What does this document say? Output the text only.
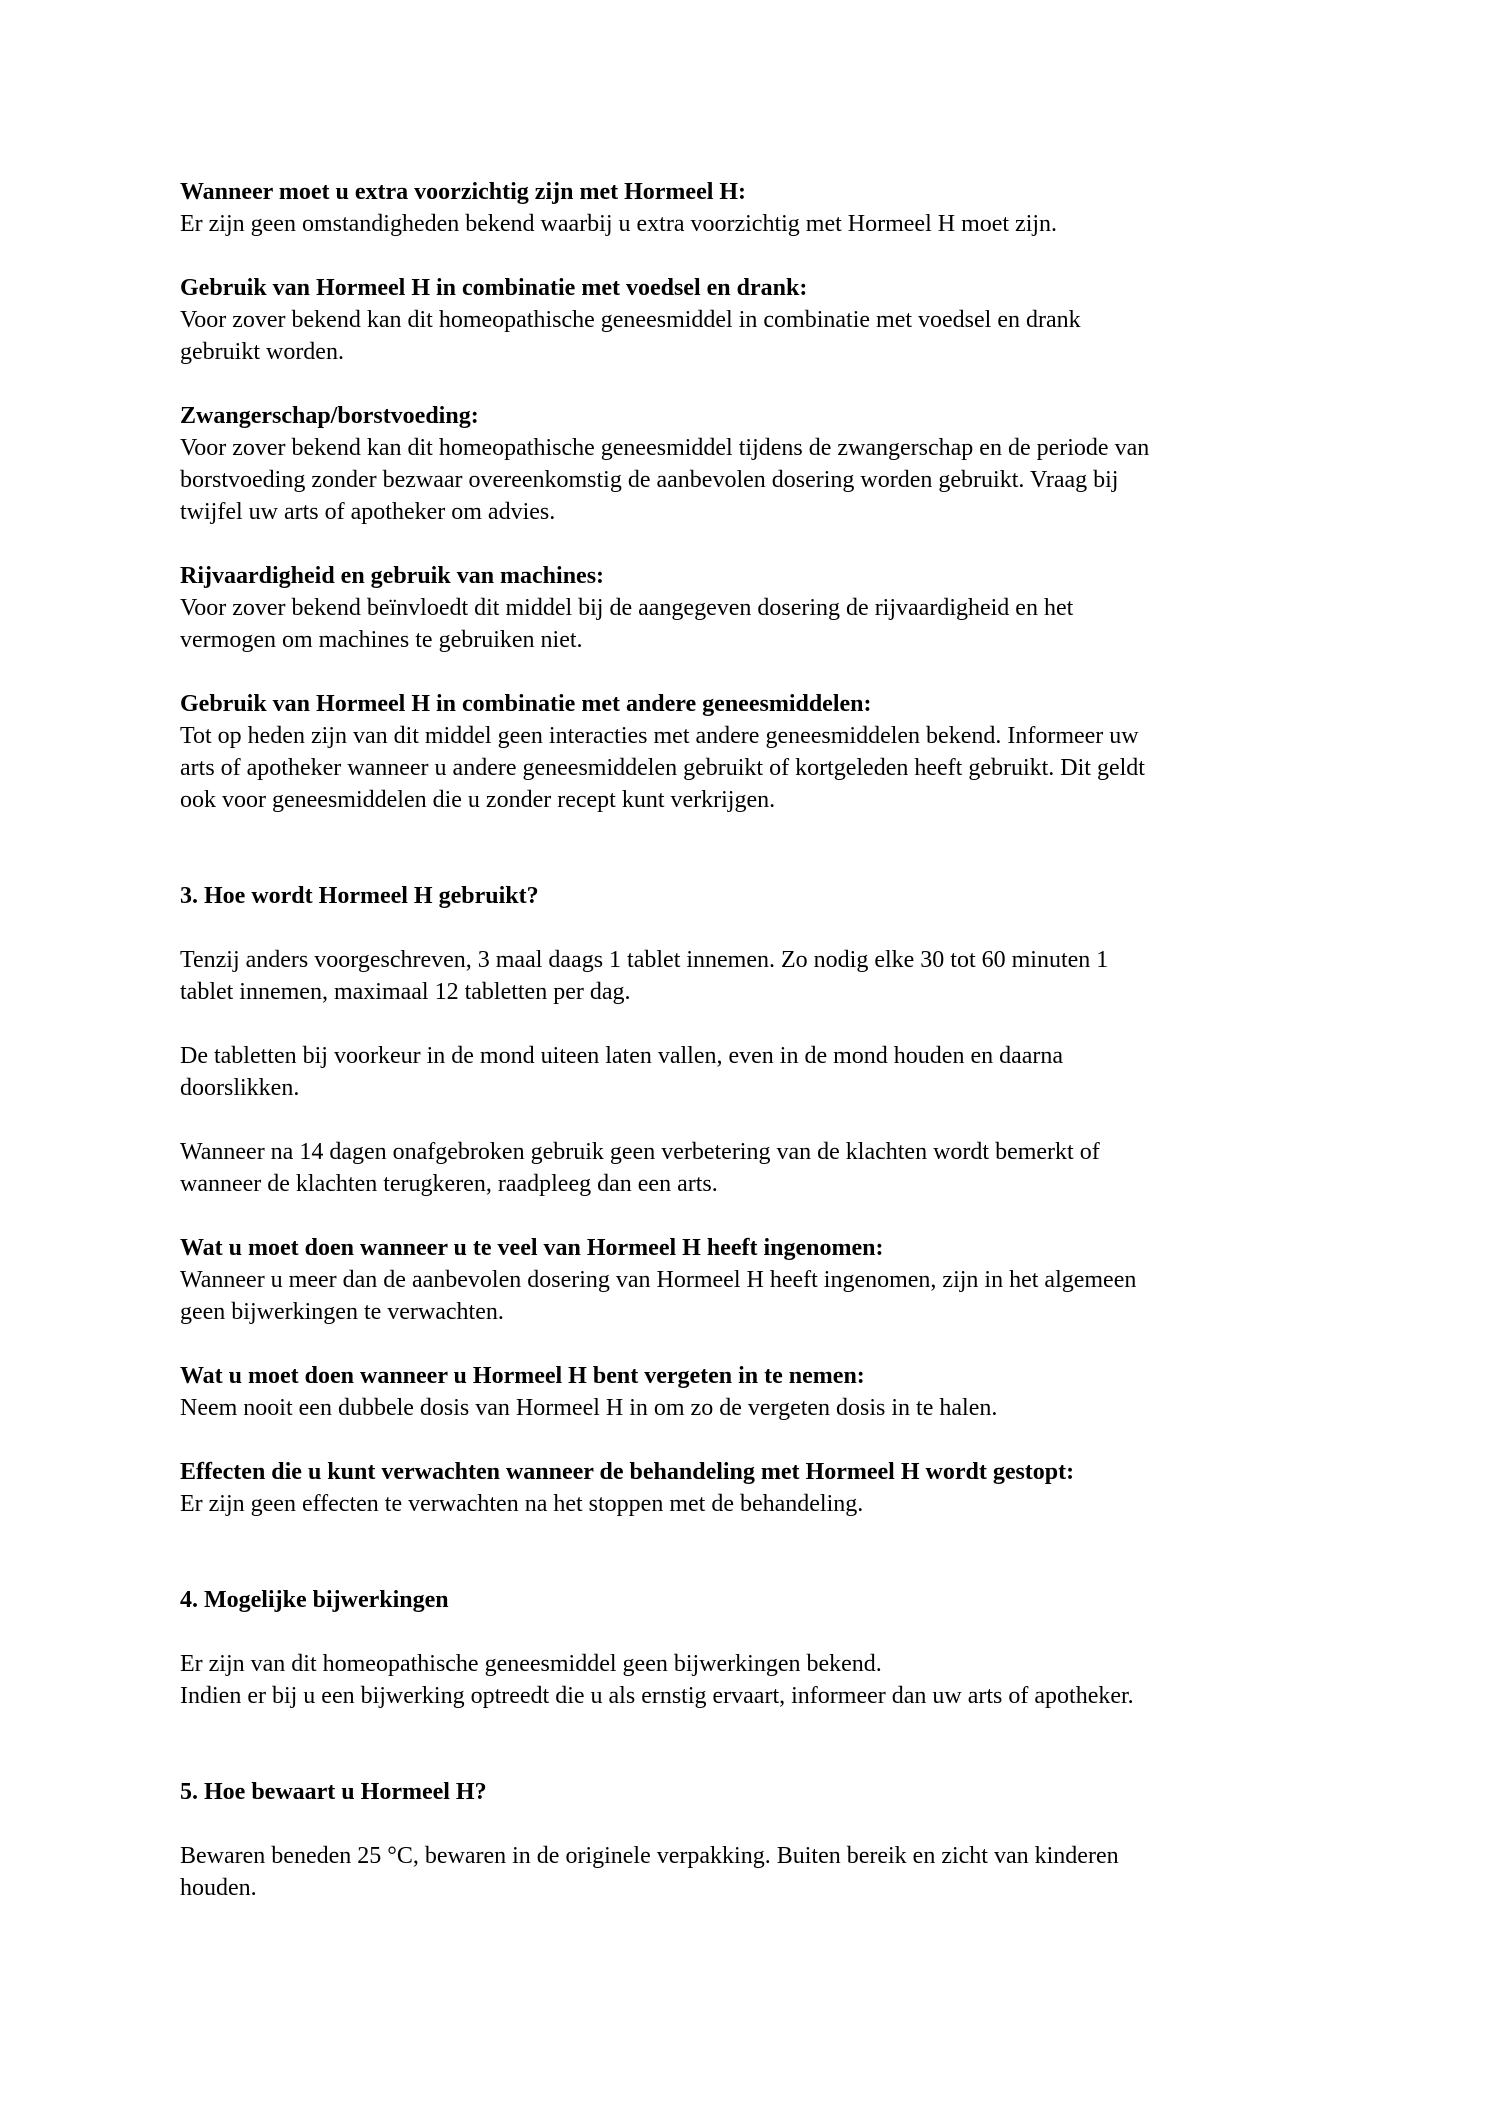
Wanneer moet u extra voorzichtig zijn met Hormeel H:
Er zijn geen omstandigheden bekend waarbij u extra voorzichtig met Hormeel H moet zijn.
Gebruik van Hormeel H in combinatie met voedsel en drank:
Voor zover bekend kan dit homeopathische geneesmiddel in combinatie met voedsel en drank
gebruikt worden.
Zwangerschap/borstvoeding:
Voor zover bekend kan dit homeopathische geneesmiddel tijdens de zwangerschap en de periode van
borstvoeding zonder bezwaar overeenkomstig de aanbevolen dosering worden gebruikt. Vraag bij
twijfel uw arts of apotheker om advies.
Rijvaardigheid en gebruik van machines:
Voor zover bekend beïnvloedt dit middel bij de aangegeven dosering de rijvaardigheid en het
vermogen om machines te gebruiken niet.
Gebruik van Hormeel H in combinatie met andere geneesmiddelen:
Tot op heden zijn van dit middel geen interacties met andere geneesmiddelen bekend. Informeer uw
arts of apotheker wanneer u andere geneesmiddelen gebruikt of kortgeleden heeft gebruikt. Dit geldt
ook voor geneesmiddelen die u zonder recept kunt verkrijgen.
3. Hoe wordt Hormeel H gebruikt?
Tenzij anders voorgeschreven, 3 maal daags 1 tablet innemen. Zo nodig elke 30 tot 60 minuten 1
tablet innemen, maximaal 12 tabletten per dag.
De tabletten bij voorkeur in de mond uiteen laten vallen, even in de mond houden en daarna
doorslikken.
Wanneer na 14 dagen onafgebroken gebruik geen verbetering van de klachten wordt bemerkt of
wanneer de klachten terugkeren, raadpleeg dan een arts.
Wat u moet doen wanneer u te veel van Hormeel H heeft ingenomen:
Wanneer u meer dan de aanbevolen dosering van Hormeel H heeft ingenomen, zijn in het algemeen
geen bijwerkingen te verwachten.
Wat u moet doen wanneer u Hormeel H bent vergeten in te nemen:
Neem nooit een dubbele dosis van Hormeel H in om zo de vergeten dosis in te halen.
Effecten die u kunt verwachten wanneer de behandeling met Hormeel H wordt gestopt:
Er zijn geen effecten te verwachten na het stoppen met de behandeling.
4. Mogelijke bijwerkingen
Er zijn van dit homeopathische geneesmiddel geen bijwerkingen bekend.
Indien er bij u een bijwerking optreedt die u als ernstig ervaart, informeer dan uw arts of apotheker.
5. Hoe bewaart u Hormeel H?
Bewaren beneden 25 °C, bewaren in de originele verpakking. Buiten bereik en zicht van kinderen
houden.
